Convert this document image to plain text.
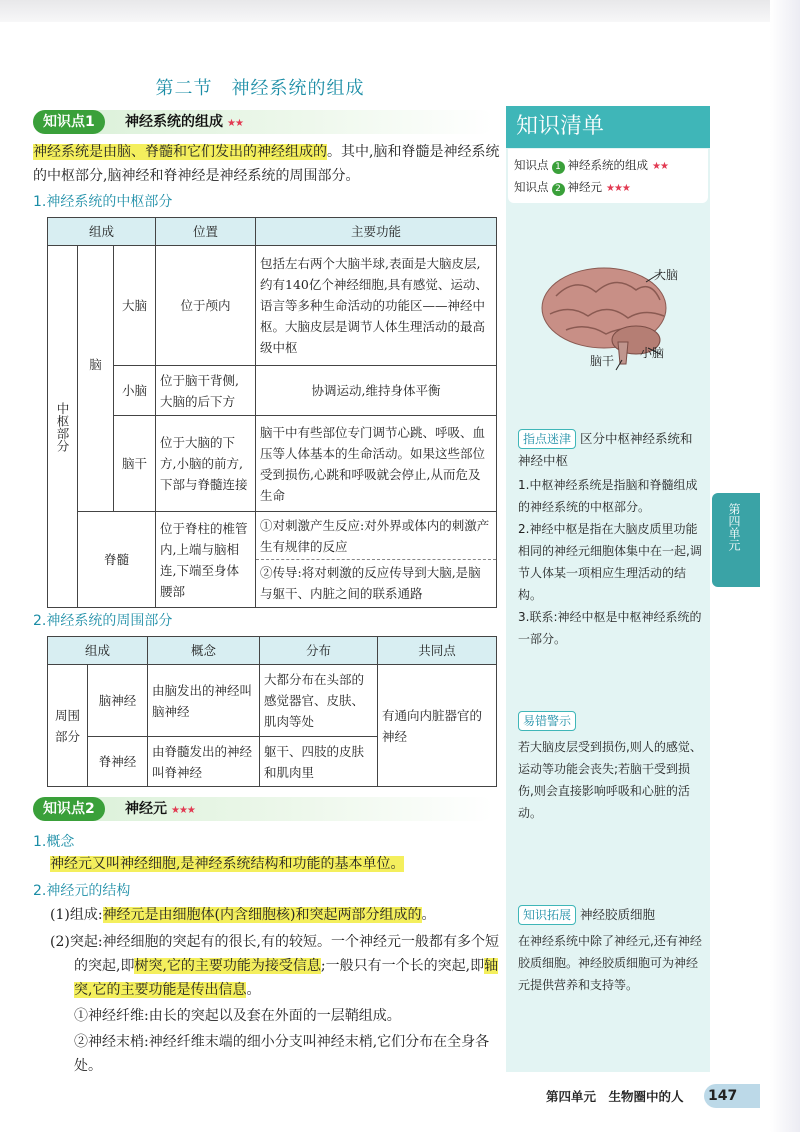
第二节　神经系统的组成
知识点1	神经系统的组成 ★★
神经系统是由脑、脊髓和它们发出的神经组成的。其中,脑和脊髓是神经系统的中枢部分,脑神经和脊神经是神经系统的周围部分。
1.神经系统的中枢部分
组成			位置	主要功能

中枢部分	脑	大脑	位于颅内	包括左右两个大脑半球,表面是大脑皮层,约有140亿个神经细胞,具有感觉、运动、语言等多种生命活动的功能区——神经中枢。大脑皮层是调节人体生理活动的最高级中枢
		小脑	位于脑干背侧,大脑的后下方	协调运动,维持身体平衡
		脑干	位于大脑的下方,小脑的前方,下部与脊髓连接	脑干中有些部位专门调节心跳、呼吸、血压等人体基本的生命活动。如果这些部位受到损伤,心跳和呼吸就会停止,从而危及生命
	脊髓		位于脊柱的椎管内,上端与脑相连,下端至身体腰部	①对刺激产生反应:对外界或体内的刺激产生有规律的反应
②传导:将对刺激的反应传导到大脑,是脑与躯干、内脏之间的联系通路
2.神经系统的周围部分
组成		概念	分布	共同点
周围部分	脑神经	由脑发出的神经叫脑神经	大都分布在头部的感觉器官、皮肤、肌肉等处	有通向内脏器官的神经
	脊神经	由脊髓发出的神经叫脊神经	躯干、四肢的皮肤和肌肉里	
知识点2	神经元 ★★★
1.概念
神经元又叫神经细胞,是神经系统结构和功能的基本单位。
2.神经元的结构
(1)组成:神经元是由细胞体(内含细胞核)和突起两部分组成的。
(2)突起:神经细胞的突起有的很长,有的较短。一个神经元一般都有多个短的突起,即树突,它的主要功能为接受信息;一般只有一个长的突起,即轴突,它的主要功能是传出信息。
①神经纤维:由长的突起以及套在外面的一层鞘组成。
②神经末梢:神经纤维末端的细小分支叫神经末梢,它们分布在全身各处。
知识清单
知识点 1 神经系统的组成 ★★
知识点 2 神经元 ★★★
大脑
脑干
小脑
指点迷津 区分中枢神经系统和神经中枢
1.中枢神经系统是指脑和脊髓组成的神经系统的中枢部分。
2.神经中枢是指在大脑皮质里功能相同的神经元细胞体集中在一起,调节人体某一项相应生理活动的结构。
3.联系:神经中枢是中枢神经系统的一部分。
易错警示
若大脑皮层受到损伤,则人的感觉、运动等功能会丧失;若脑干受到损伤,则会直接影响呼吸和心脏的活动。
知识拓展 神经胶质细胞
在神经系统中除了神经元,还有神经胶质细胞。神经胶质细胞可为神经元提供营养和支持等。
第四单元
第四单元　生物圈中的人 147
